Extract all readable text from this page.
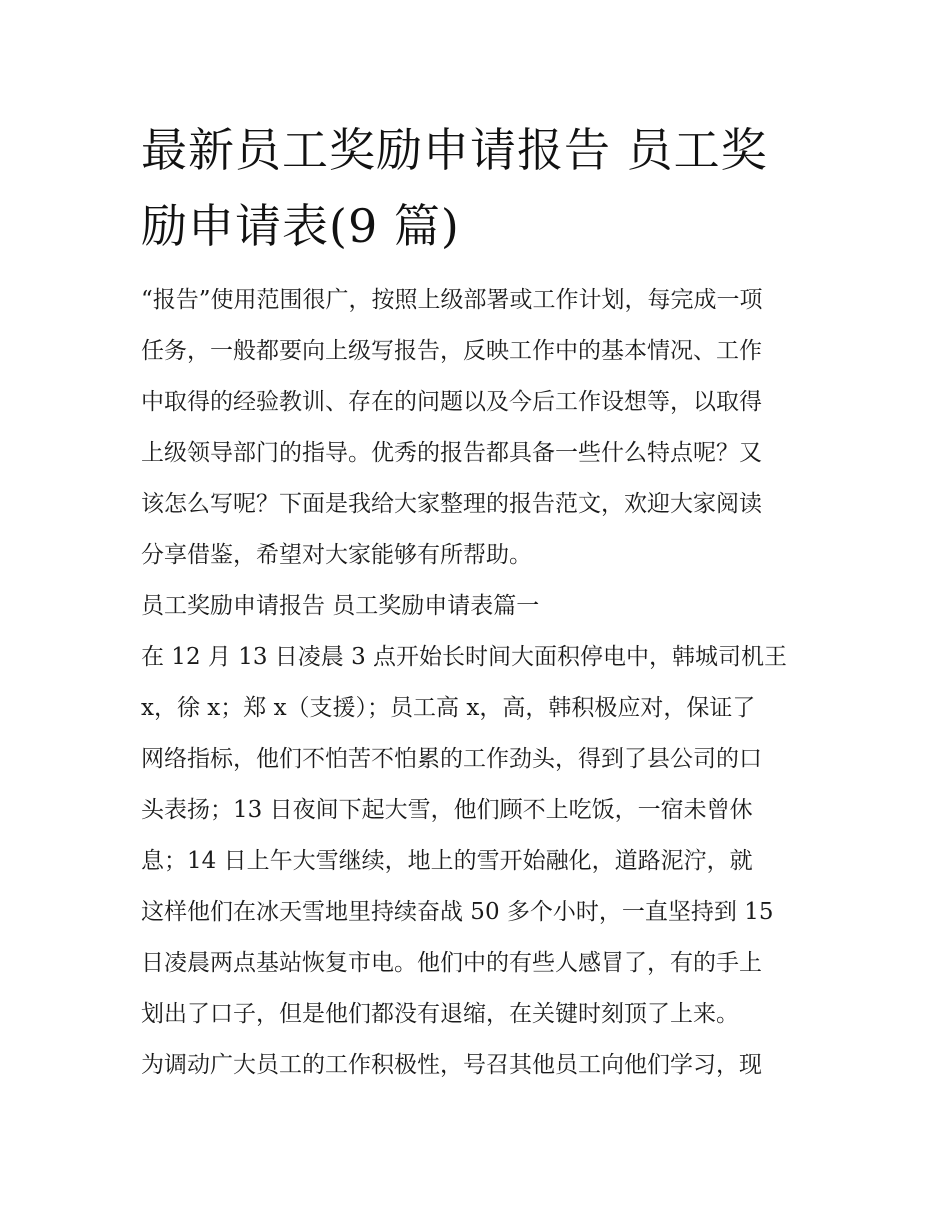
最新员工奖励申请报告 员工奖
励申请表(9 篇)
“报告”使用范围很广，按照上级部署或工作计划，每完成一项
任务，一般都要向上级写报告，反映工作中的基本情况、工作
中取得的经验教训、存在的问题以及今后工作设想等，以取得
上级领导部门的指导。优秀的报告都具备一些什么特点呢？又
该怎么写呢？下面是我给大家整理的报告范文，欢迎大家阅读
分享借鉴，希望对大家能够有所帮助。
员工奖励申请报告 员工奖励申请表篇一
在 12 月 13 日凌晨 3 点开始长时间大面积停电中，韩城司机王
x，徐 x；郑 x（支援）；员工高 x，高，韩积极应对，保证了
网络指标，他们不怕苦不怕累的工作劲头，得到了县公司的口
头表扬；13 日夜间下起大雪，他们顾不上吃饭，一宿未曾休
息；14 日上午大雪继续，地上的雪开始融化，道路泥泞，就
这样他们在冰天雪地里持续奋战 50 多个小时，一直坚持到 15
日凌晨两点基站恢复市电。他们中的有些人感冒了，有的手上
划出了口子，但是他们都没有退缩，在关键时刻顶了上来。
为调动广大员工的工作积极性，号召其他员工向他们学习，现
